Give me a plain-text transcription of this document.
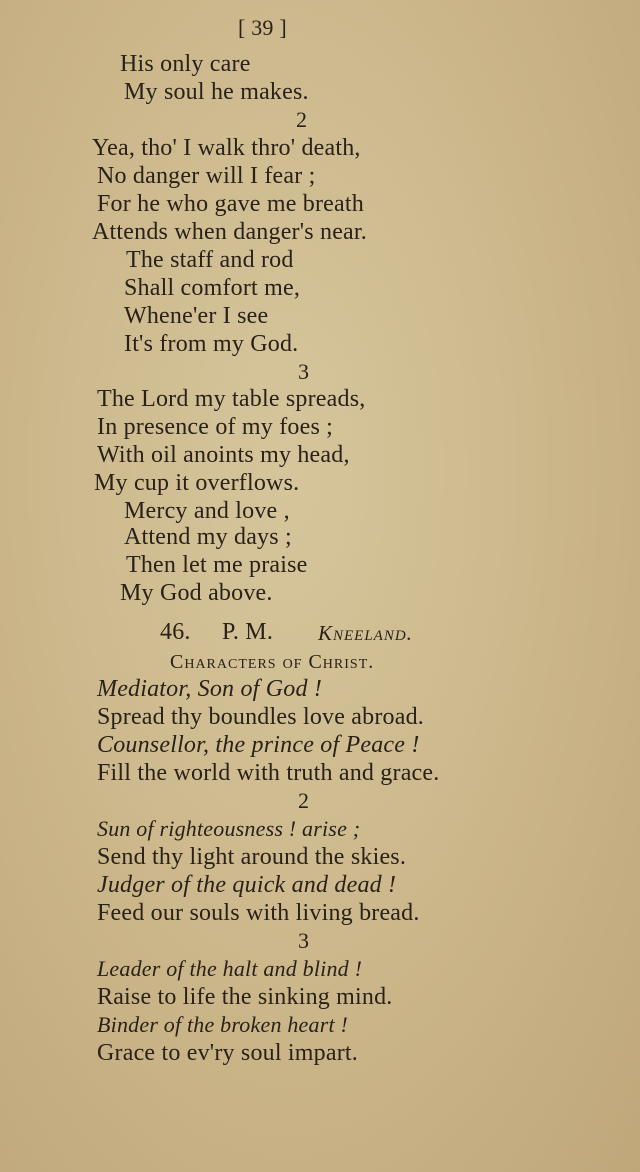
[ 39 ]
His only care
My soul he makes.
2
Yea, tho' I walk thro' death,
No danger will I fear ;
For he who gave me breath
Attends when danger's near.
The staff and rod
Shall comfort me,
Whene'er I see
It's from my God.
3
The Lord my table spreads,
In presence of my foes ;
With oil anoints my head,
My cup it overflows.
Mercy and love ,
Attend my days ;
Then let me praise
My God above.
46. P. M. Kneeland.
Characters of Christ.
Mediator, Son of God !
Spread thy boundles love abroad.
Counsellor, the prince of Peace !
Fill the world with truth and grace.
2
Sun of righteousness ! arise ;
Send thy light around the skies.
Judger of the quick and dead !
Feed our souls with living bread.
3
Leader of the halt and blind !
Raise to life the sinking mind.
Binder of the broken heart !
Grace to ev'ry soul impart.
